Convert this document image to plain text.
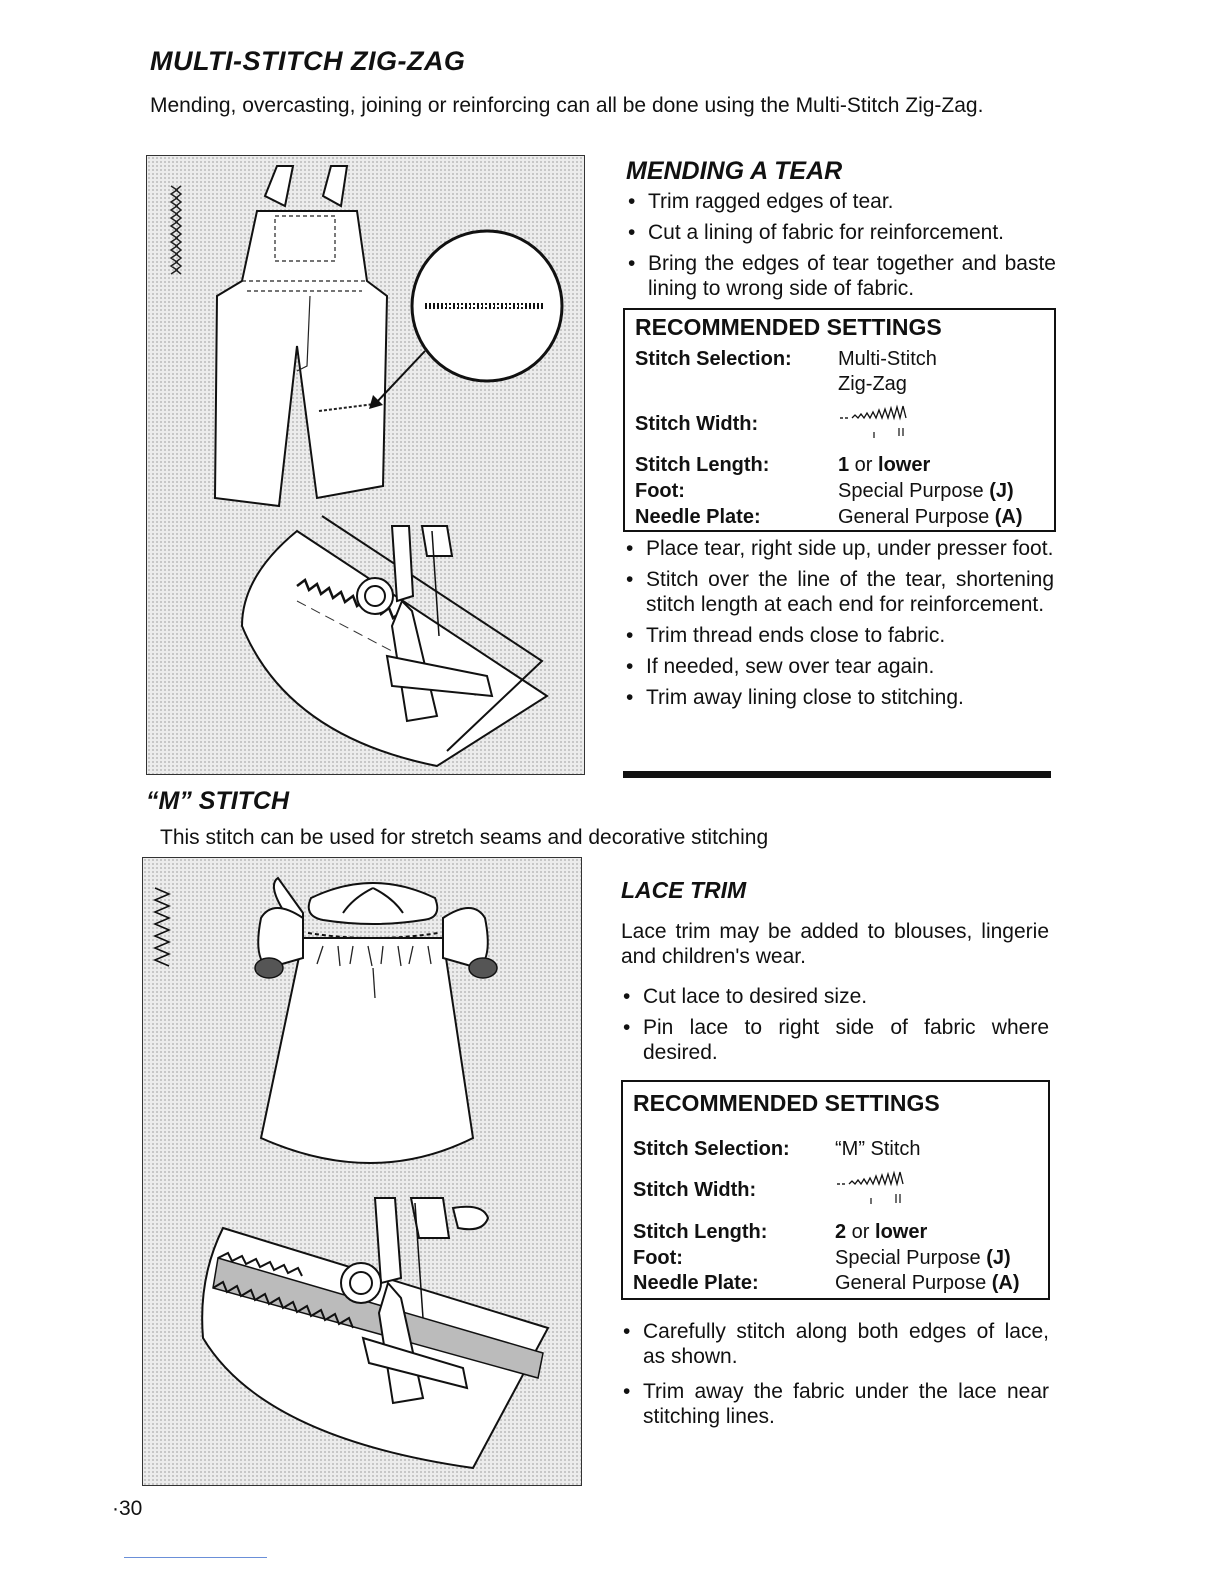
MULTI-STITCH ZIG-ZAG
Mending, overcasting, joining or reinforcing can all be done using the Multi-Stitch Zig-Zag.
MENDING A TEAR
• Trim ragged edges of tear.
• Cut a lining of fabric for reinforcement.
• Bring the edges of tear together and baste lining to wrong side of fabric.
RECOMMENDED SETTINGS
Stitch Selection: Multi-Stitch
Zig-Zag
Stitch Width:
Stitch Length:	1 or lower
Foot:	Special Purpose (J)
Needle Plate:	General Purpose (A)
• Place tear, right side up, under presser foot.
• Stitch over the line of the tear, shortening stitch length at each end for reinforcement.
• Trim thread ends close to fabric.
• If needed, sew over tear again.
• Trim away lining close to stitching.
“M” STITCH
This stitch can be used for stretch seams and decorative stitching
LACE TRIM
Lace trim may be added to blouses, lingerie and children's wear.
• Cut lace to desired size.
• Pin lace to right side of fabric where desired.
RECOMMENDED SETTINGS
Stitch Selection: “M” Stitch
Stitch Width:
Stitch Length:	2 or lower
Foot:	Special Purpose (J)
Needle Plate:	General Purpose (A)
• Carefully stitch along both edges of lace, as shown.
• Trim away the fabric under the lace near stitching lines.
·30
